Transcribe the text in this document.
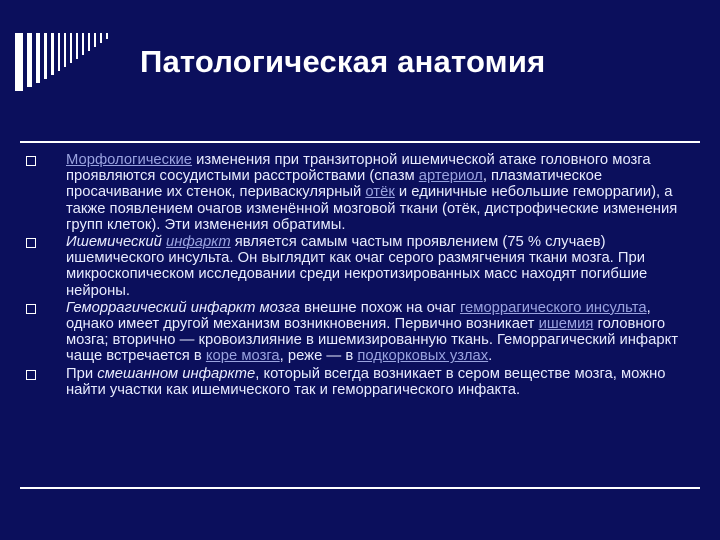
Патологическая анатомия
Морфологические изменения при транзиторной ишемической атаке головного мозга проявляются сосудистыми расстройствами (спазм артериол, плазматическое просачивание их стенок, периваскулярный отёк и единичные небольшие геморрагии), а также появлением очагов изменённой мозговой ткани (отёк, дистрофические изменения групп клеток). Эти изменения обратимы.
Ишемический инфаркт является самым частым проявлением (75 % случаев) ишемического инсульта. Он выглядит как очаг серого размягчения ткани мозга. При микроскопическом исследовании среди некротизированных масс находят погибшие нейроны.
Геморрагический инфаркт мозга внешне похож на очаг геморрагического инсульта, однако имеет другой механизм возникновения. Первично возникает ишемия головного мозга; вторично — кровоизлияние в ишемизированную ткань. Геморрагический инфаркт чаще встречается в коре мозга, реже — в подкорковых узлах.
При смешанном инфаркте, который всегда возникает в сером веществе мозга, можно найти участки как ишемического так и геморрагического инфакта.
